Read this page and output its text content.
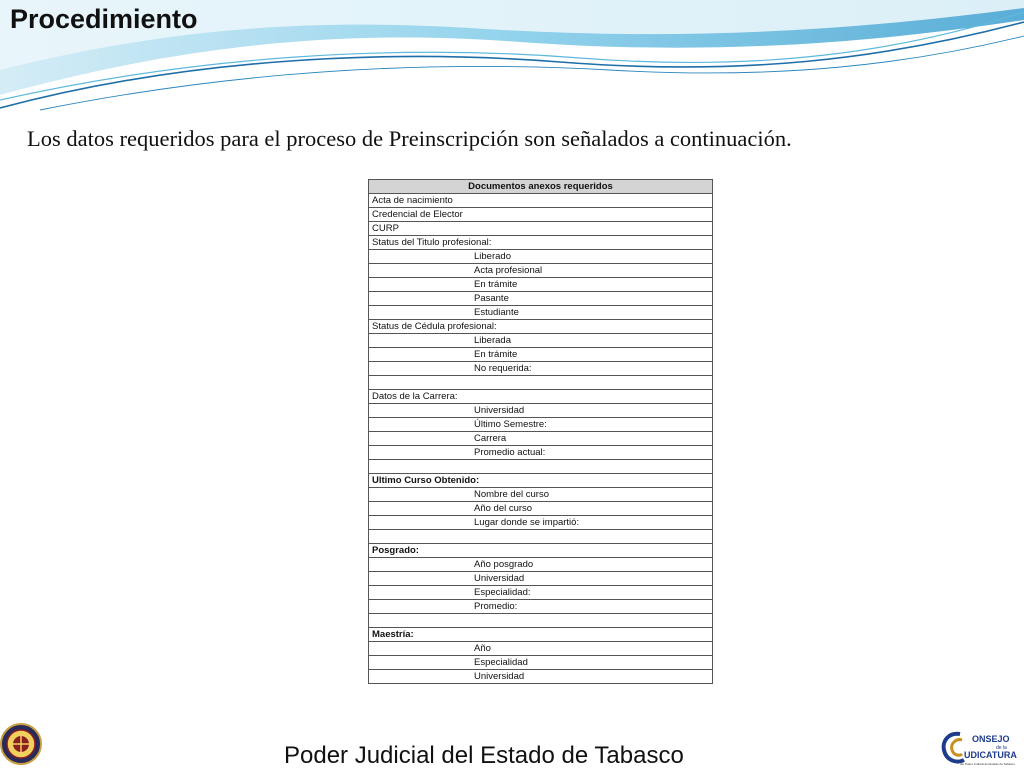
Procedimiento

Los datos requeridos para el proceso de Preinscripción son señalados a continuación.

Documentos anexos requeridos
Acta de nacimiento
Credencial de Elector
CURP
Status del Titulo profesional:
Liberado
Acta profesional
En trámite
Pasante
Estudiante
Status de Cédula profesional:
Liberada
En trámite
No requerida:

Datos de la Carrera:
Universidad
Último Semestre:
Carrera
Promedio actual:

Ultimo Curso Obtenido:
Nombre del curso
Año del curso
Lugar donde se impartió:

Posgrado:
Año posgrado
Universidad
Especialidad:
Promedio:

Maestría:
Año
Especialidad
Universidad

Poder Judicial del Estado de Tabasco

ONSEJO
de la
UDICATURA
del Poder Judicial del Estado de Tabasco
